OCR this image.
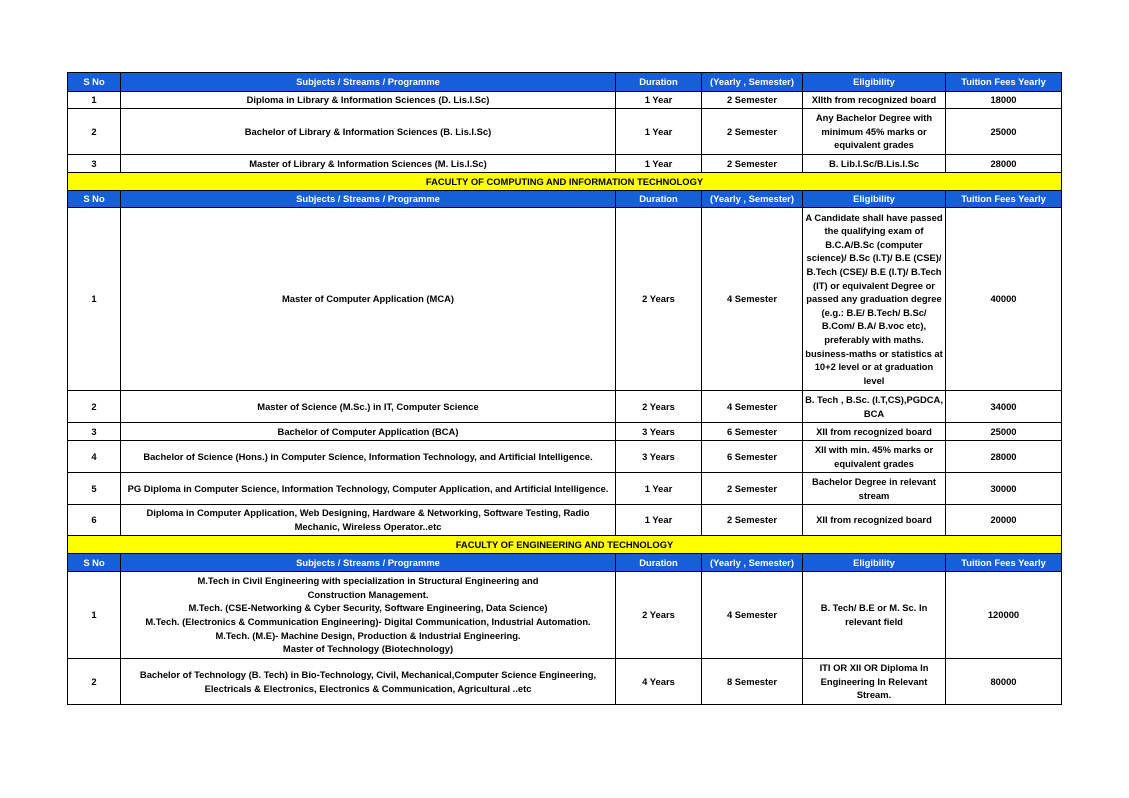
S No	Subjects / Streams / Programme	Duration	(Yearly , Semester)	Eligibility	Tuition Fees Yearly
1	Diploma in Library & Information Sciences (D. Lis.I.Sc)	1 Year	2 Semester	XIIth from recognized board	18000
2	Bachelor of Library & Information Sciences (B. Lis.I.Sc)	1 Year	2 Semester	Any Bachelor Degree with minimum 45% marks or equivalent grades	25000
3	Master of Library & Information Sciences (M. Lis.I.Sc)	1 Year	2 Semester	B. Lib.I.Sc/B.Lis.I.Sc	28000
FACULTY OF COMPUTING AND INFORMATION TECHNOLOGY					
S No	Subjects / Streams / Programme	Duration	(Yearly , Semester)	Eligibility	Tuition Fees Yearly
1	Master of Computer Application (MCA)	2 Years	4 Semester	A Candidate shall have passed the qualifying exam of B.C.A/B.Sc (computer science)/ B.Sc (I.T)/ B.E (CSE)/ B.Tech (CSE)/ B.E (I.T)/ B.Tech (IT) or equivalent Degree or passed any graduation degree (e.g.: B.E/ B.Tech/ B.Sc/ B.Com/ B.A/ B.voc etc), preferably with maths. business-maths or statistics at 10+2 level or at graduation level	40000
2	Master of Science (M.Sc.) in IT, Computer Science	2 Years	4 Semester	B. Tech , B.Sc. (I.T,CS),PGDCA, BCA	34000
3	Bachelor of Computer Application (BCA)	3 Years	6 Semester	XII from recognized board	25000
4	Bachelor of Science (Hons.) in Computer Science, Information Technology, and Artificial Intelligence.	3 Years	6 Semester	XII with min. 45% marks or equivalent grades	28000
5	PG Diploma in Computer Science, Information Technology, Computer Application, and Artificial Intelligence.	1 Year	2 Semester	Bachelor Degree in relevant stream	30000
6	Diploma in Computer Application, Web Designing, Hardware & Networking, Software Testing, Radio Mechanic, Wireless Operator..etc	1 Year	2 Semester	XII from recognized board	20000
FACULTY OF ENGINEERING AND TECHNOLOGY					
S No	Subjects / Streams / Programme	Duration	(Yearly , Semester)	Eligibility	Tuition Fees Yearly
1	M.Tech in Civil Engineering with specialization in Structural Engineering and Construction Management.
M.Tech. (CSE-Networking & Cyber Security, Software Engineering, Data Science)
M.Tech. (Electronics & Communication Engineering)- Digital Communication, Industrial Automation.
M.Tech. (M.E)- Machine Design, Production & Industrial Engineering.
Master of Technology (Biotechnology)	2 Years	4 Semester	B. Tech/ B.E or M. Sc. In relevant field	120000
2	Bachelor of Technology (B. Tech) in Bio-Technology, Civil, Mechanical,Computer Science Engineering, Electricals & Electronics, Electronics & Communication, Agricultural ..etc	4 Years	8 Semester	ITI OR XII OR Diploma In Engineering In Relevant Stream.	80000
